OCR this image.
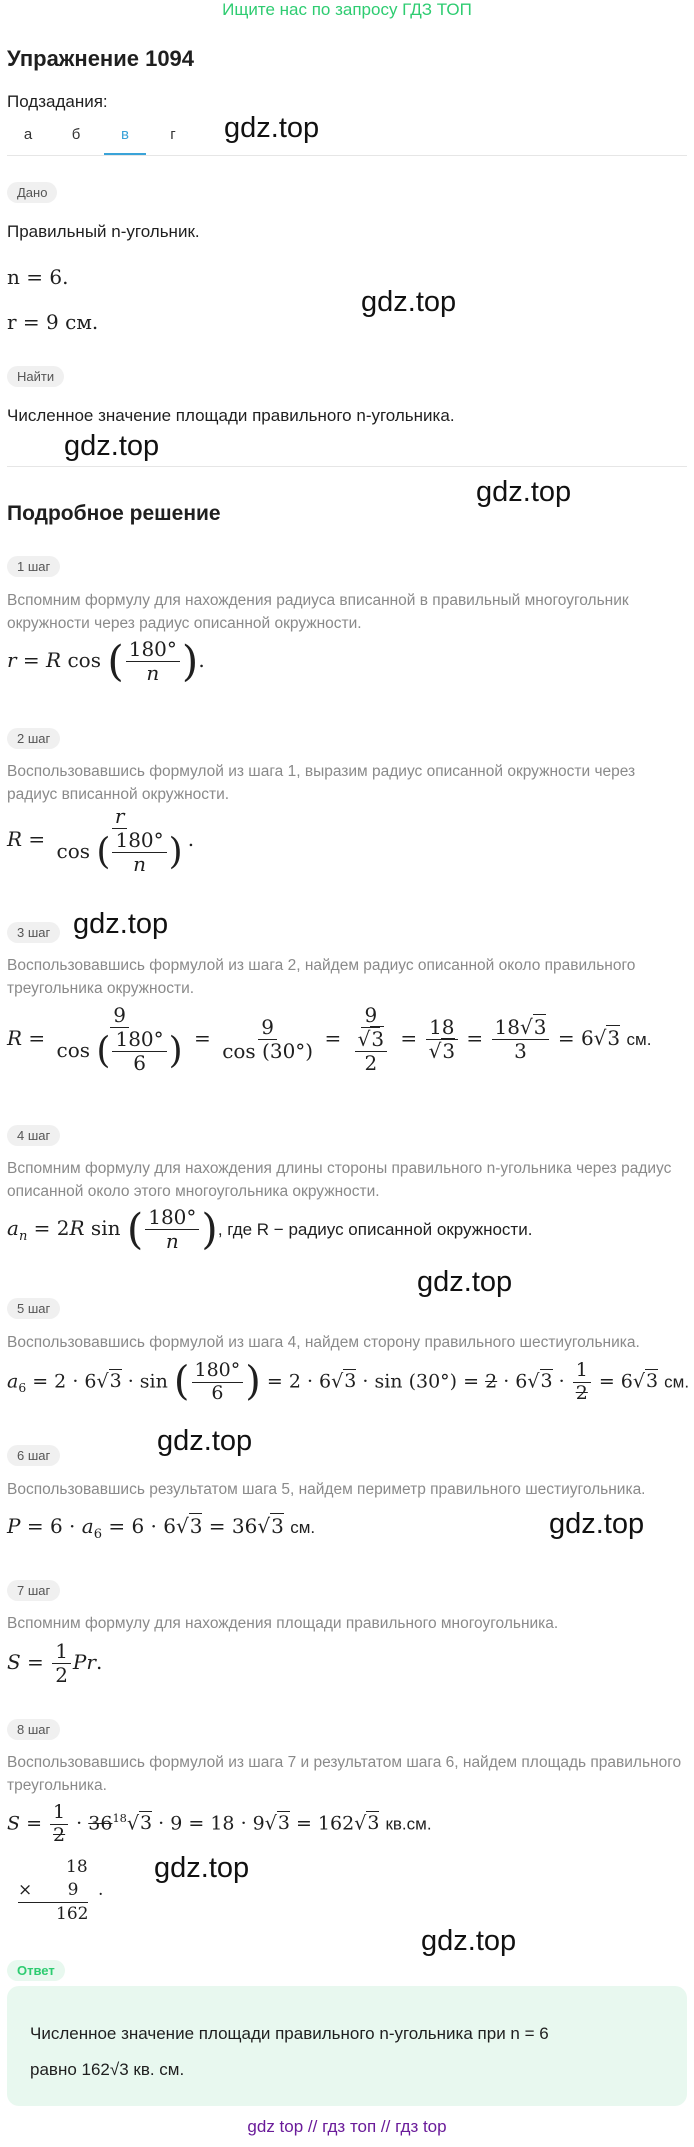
Ищите нас по запросу ГДЗ ТОП
Упражнение 1094
Подзадания:
а	б	в	г	gdz.top
gdz.top
gdz.top
gdz.top
gdz.top
gdz.top
gdz.top
gdz.top
gdz.top
gdz.top
Дано
Правильный n-угольник.
n = 6.
r = 9 см.
Найти
Численное значение площади правильного n-угольника.
Подробное решение
1 шаг
Вспомним формулу для нахождения радиуса вписанной в правильный многоугольник окружности через радиус описанной окружности.
r = R cos ( $\frac{180^\circ}{n}$ ).
2 шаг
Воспользовавшись формулой из шага 1, выразим радиус описанной окружности через радиус вписанной окружности.
$R = \frac{r}{\cos ( \frac{180^\circ}{n} )}$ .
3 шаг
Воспользовавшись формулой из шага 2, найдем радиус описанной около правильного треугольника окружности.
$R = \frac{9}{\cos ( \frac{180^\circ}{6} )} = \frac{9}{\cos (30^\circ)} = \frac{9}{\frac{√3}{2}} = \frac{18}{√3} = \frac{18√3}{3} = 6√3$ см.
4 шаг
Вспомним формулу для нахождения длины стороны правильного n-угольника через радиус описанной около этого многоугольника окружности.
$a_n = 2R$ sin ( $\frac{180^\circ}{n}$ ), где R − радиус описанной окружности.
5 шаг
Воспользовавшись формулой из шага 4, найдем сторону правильного шестиугольника.
$a_6 = 2 \cdot 6√3 \cdot \sin$ ( $\frac{180^\circ}{6}$ ) = $2 \cdot 6√3 \cdot \sin (30^\circ) = 2 \cdot 6√3 \cdot \frac{1}{2} = 6√3$ см.
6 шаг
Воспользовавшись результатом шага 5, найдем периметр правильного шестиугольника.
$P = 6 \cdot a_6 = 6 \cdot 6√3 = 36√3$ см.
7 шаг
Вспомним формулу для нахождения площади правильного многоугольника.
$S = \frac{1}{2} Pr$.
8 шаг
Воспользовавшись формулой из шага 7 и результатом шага 6, найдем площадь правильного треугольника.
$S = \frac{1}{2} \cdot 36^{18}√3 \cdot 9 = 18 \cdot 9√3 = 162√3$ кв.см.
18
× 9
162
.
Ответ
Численное значение площади правильного n-угольника при n = 6
равно 162√3 кв. см.
gdz top // гдз топ // гдз top
